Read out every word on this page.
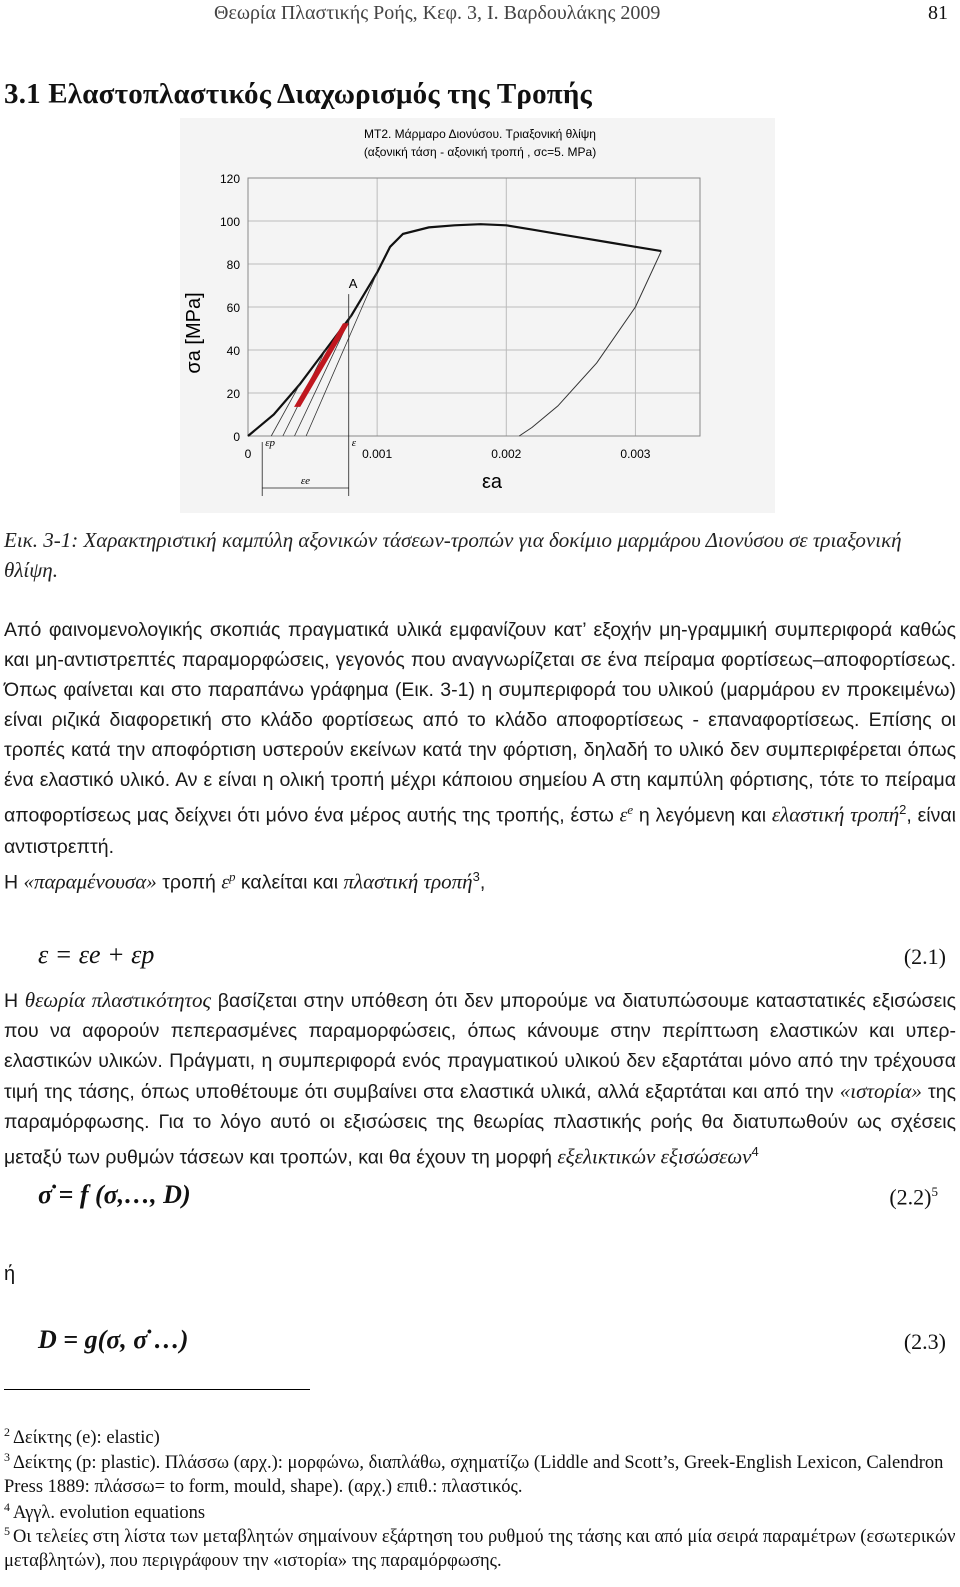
Θεωρία Πλαστικής Ροής, Κεφ. 3, Ι. Βαρδουλάκης 2009	81
3.1 Ελαστοπλαστικός Διαχωρισμός της Τροπής
MT2. Μάρμαρο Διονύσου. Τριαξονική θλίψη
(αξονική τάση - αξονική τροπή , σc=5. MPa)
0
20
40
60
80
100
120
0	0.001	0.002	0.003
A
εp	ε
εe
σa [MPa]
εa
Εικ. 3-1: Χαρακτηριστική καμπύλη αξονικών τάσεων-τροπών για δοκίμιο μαρμάρου Διονύσου σε τριαξονική θλίψη.
Από φαινομενολογικής σκοπιάς πραγματικά υλικά εμφανίζουν κατ’ εξοχήν μη-γραμμική συμπεριφορά καθώς και μη-αντιστρεπτές παραμορφώσεις, γεγονός που αναγνωρίζεται σε ένα πείραμα φορτίσεως–αποφορτίσεως. Όπως φαίνεται και στο παραπάνω γράφημα (Εικ. 3-1) η συμπεριφορά του υλικού (μαρμάρου εν προκειμένω) είναι ριζικά διαφορετική στο κλάδο φορτίσεως από το κλάδο αποφορτίσεως - επαναφορτίσεως. Επίσης οι τροπές κατά την αποφόρτιση υστερούν εκείνων κατά την φόρτιση, δηλαδή το υλικό δεν συμπεριφέρεται όπως ένα ελαστικό υλικό. Αν ε είναι η ολική τροπή μέχρι κάποιου σημείου Α στη καμπύλη φόρτισης, τότε το πείραμα αποφορτίσεως μας δείχνει ότι μόνο ένα μέρος αυτής της τροπής, έστω $\varepsilon^e$ η λεγόμενη και ελαστική τροπή$^2$, είναι αντιστρεπτή.
Η «παραμένουσα» τροπή $\varepsilon^p$ καλείται και πλαστική τροπή$^3$,
ε = εe + εp	(2.1)
Η θεωρία πλαστικότητος βασίζεται στην υπόθεση ότι δεν μπορούμε να διατυπώσουμε καταστατικές εξισώσεις που να αφορούν πεπερασμένες παραμορφώσεις, όπως κάνουμε στην περίπτωση ελαστικών και υπερ-ελαστικών υλικών. Πράγματι, η συμπεριφορά ενός πραγματικού υλικού δεν εξαρτάται μόνο από την τρέχουσα τιμή της τάσης, όπως υποθέτουμε ότι συμβαίνει στα ελαστικά υλικά, αλλά εξαρτάται και από την «ιστορία» της παραμόρφωσης. Για το λόγο αυτό οι εξισώσεις της θεωρίας πλαστικής ροής θα διατυπωθούν ως σχέσεις μεταξύ των ρυθμών τάσεων και τροπών, και θα έχουν τη μορφή εξελικτικών εξισώσεων$^4$
σ̇ = f (σ,…, D)	$(2.2)^5$
ή
D = g(σ, σ̇ …)	(2.3)
$^2$ Δείκτης (e): elastic)
$^3$ Δείκτης (p: plastic). Πλάσσω (αρχ.): μορφώνω, διαπλάθω, σχηματίζω (Liddle and Scott’s, Greek-English Lexicon, Calendron Press 1889: πλάσσω= to form, mould, shape). (αρχ.) επιθ.: πλαστικός.
$^4$ Αγγλ. evolution equations
$^5$ Οι τελείες στη λίστα των μεταβλητών σημαίνουν εξάρτηση του ρυθμού της τάσης και από μία σειρά παραμέτρων (εσωτερικών μεταβλητών), που περιγράφουν την «ιστορία» της παραμόρφωσης.
